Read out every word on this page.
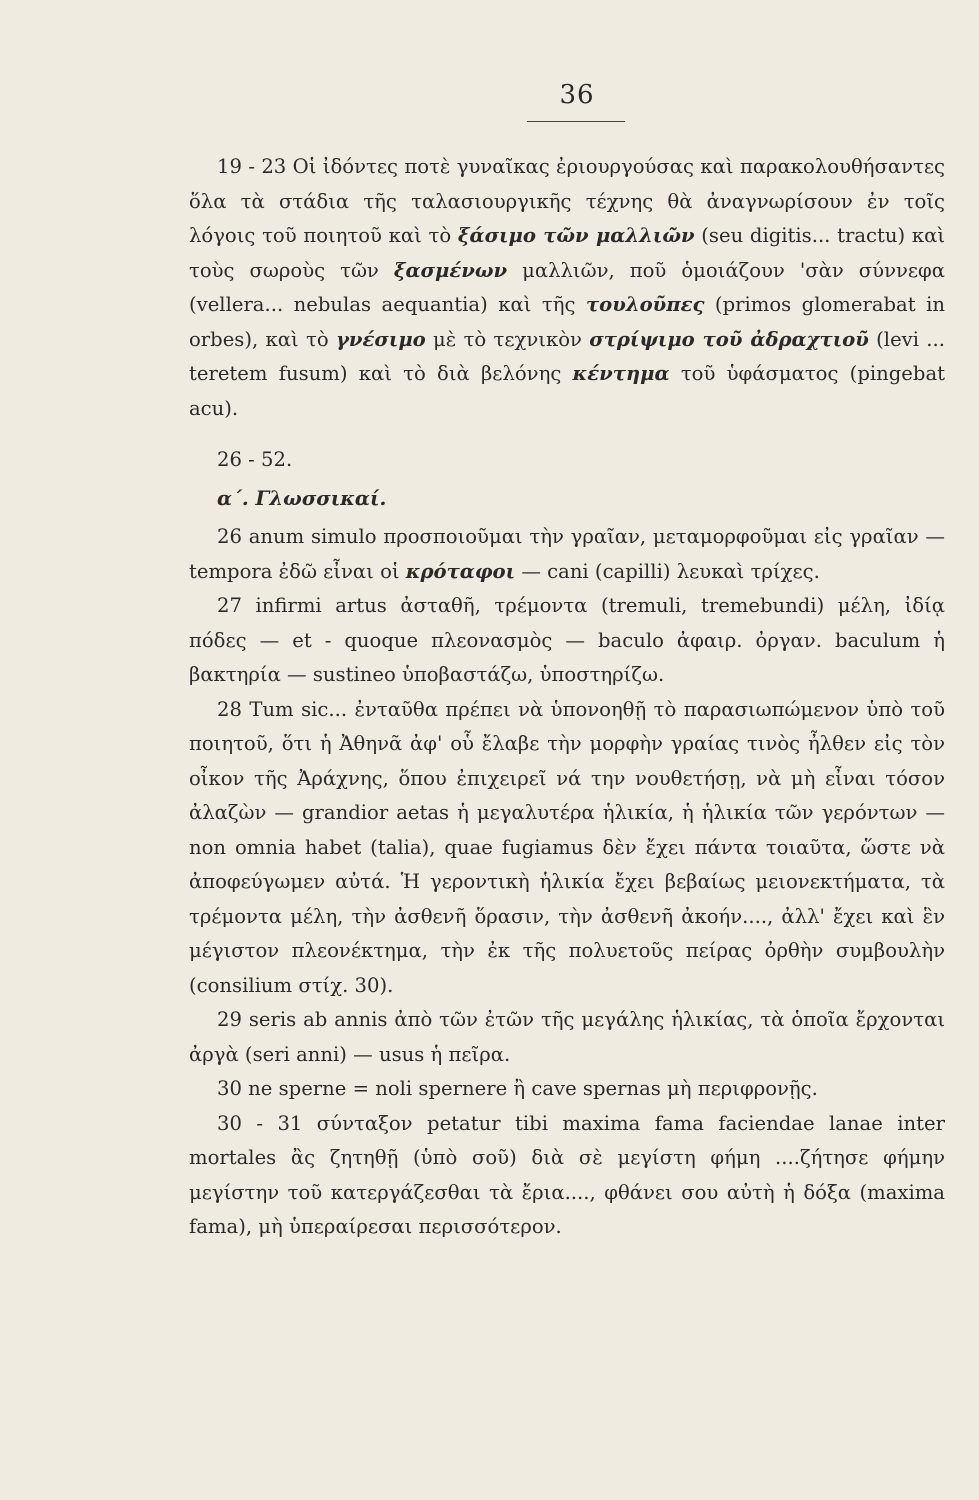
36

19 - 23 Οἱ ἰδόντες ποτὲ γυναῖκας ἐριουργούσας καὶ παρακολουθήσαντες ὅλα τὰ στάδια τῆς ταλασιουργικῆς τέχνης θὰ ἀναγνωρίσουν ἐν τοῖς λόγοις τοῦ ποιητοῦ καὶ τὸ ξάσιμο τῶν μαλλιῶν (seu digitis... tractu) καὶ τοὺς σωροὺς τῶν ξασμένων μαλλιῶν, ποῦ ὁμοιάζουν 'σὰν σύννεφα (vellera... nebulas aequantia) καὶ τῆς τουλοῦπες (primos glomerabat in orbes), καὶ τὸ γνέσιμο μὲ τὸ τεχνικὸν στρίψιμο τοῦ ἀδραχτιοῦ (levi ... teretem fusum) καὶ τὸ διὰ βελόνης κέντημα τοῦ ὑφάσματος (pingebat acu).

26 - 52.

α΄. Γλωσσικαί.

26 anum simulo προσποιοῦμαι τὴν γραῖαν, μεταμορφοῦμαι εἰς γραῖαν — tempora ἐδῶ εἶναι οἱ κρόταφοι — cani (capilli) λευκαὶ τρίχες.

27 infirmi artus ἀσταθῆ, τρέμοντα (tremuli, tremebundi) μέλη, ἰδίᾳ πόδες — et - quoque πλεονασμὸς — baculo ἀφαιρ. ὀργαν. baculum ἡ βακτηρία — sustineo ὑποβαστάζω, ὑποστηρίζω.

28 Tum sic... ἐνταῦθα πρέπει νὰ ὑπονοηθῇ τὸ παρασιωπώμενον ὑπὸ τοῦ ποιητοῦ, ὅτι ἡ Ἀθηνᾶ ἀφ' οὗ ἔλαβε τὴν μορφὴν γραίας τινὸς ἦλθεν εἰς τὸν οἶκον τῆς Ἀράχνης, ὅπου ἐπιχειρεῖ νά την νουθετήσῃ, νὰ μὴ εἶναι τόσον ἀλαζὼν — grandior aetas ἡ μεγαλυτέρα ἡλικία, ἡ ἡλικία τῶν γερόντων — non omnia habet (talia), quae fugiamus δὲν ἔχει πάντα τοιαῦτα, ὥστε νὰ ἀποφεύγωμεν αὐτά. Ἡ γεροντικὴ ἡλικία ἔχει βεβαίως μειονεκτήματα, τὰ τρέμοντα μέλη, τὴν ἀσθενῆ ὅρασιν, τὴν ἀσθενῆ ἀκοήν...., ἀλλ' ἔχει καὶ ἓν μέγιστον πλεονέκτημα, τὴν ἐκ τῆς πολυετοῦς πείρας ὀρθὴν συμβουλὴν (consilium στίχ. 30).

29 seris ab annis ἀπὸ τῶν ἐτῶν τῆς μεγάλης ἡλικίας, τὰ ὁποῖα ἔρχονται ἀργὰ (seri anni) — usus ἡ πεῖρα.

30 ne sperne = noli spernere ἢ cave spernas μὴ περιφρονῇς.

30 - 31 σύνταξον petatur tibi maxima fama faciendae lanae inter mortales ἂς ζητηθῇ (ὑπὸ σοῦ) διὰ σὲ μεγίστη φήμη ....ζήτησε φήμην μεγίστην τοῦ κατεργάζεσθαι τὰ ἔρια...., φθάνει σου αὐτὴ ἡ δόξα (maxima fama), μὴ ὑπεραίρεσαι περισσότερον.
